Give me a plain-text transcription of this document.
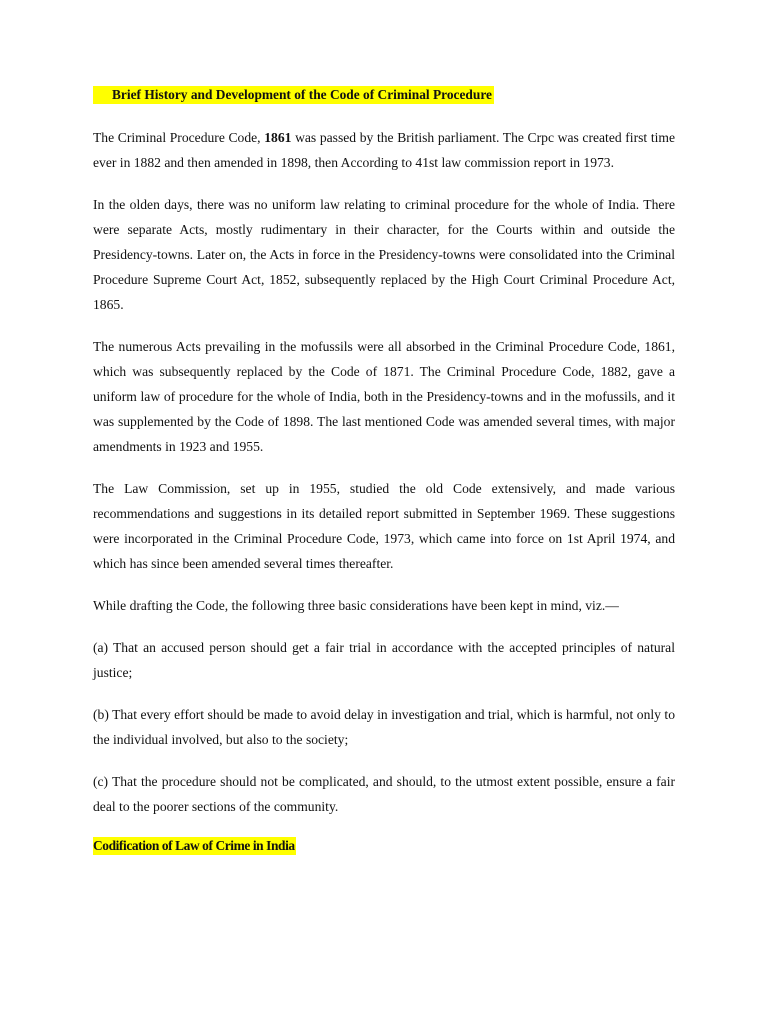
Brief History and Development of the Code of Criminal Procedure

The Criminal Procedure Code, 1861 was passed by the British parliament. The Crpc was created first time ever in 1882 and then amended in 1898, then According to 41st law commission report in 1973.

In the olden days, there was no uniform law relating to criminal procedure for the whole of India. There were separate Acts, mostly rudimentary in their character, for the Courts within and outside the Presidency-towns. Later on, the Acts in force in the Presidency-towns were consolidated into the Criminal Procedure Supreme Court Act, 1852, subsequently replaced by the High Court Criminal Procedure Act, 1865.

The numerous Acts prevailing in the mofussils were all absorbed in the Criminal Procedure Code, 1861, which was subsequently replaced by the Code of 1871. The Criminal Procedure Code, 1882, gave a uniform law of procedure for the whole of India, both in the Presidency-towns and in the mofussils, and it was supplemented by the Code of 1898. The last mentioned Code was amended several times, with major amendments in 1923 and 1955.

The Law Commission, set up in 1955, studied the old Code extensively, and made various recommendations and suggestions in its detailed report submitted in September 1969. These suggestions were incorporated in the Criminal Procedure Code, 1973, which came into force on 1st April 1974, and which has since been amended several times thereafter.

While drafting the Code, the following three basic considerations have been kept in mind, viz.—

(a) That an accused person should get a fair trial in accordance with the accepted principles of natural justice;

(b) That every effort should be made to avoid delay in investigation and trial, which is harmful, not only to the individual involved, but also to the society;

(c) That the procedure should not be complicated, and should, to the utmost extent possible, ensure a fair deal to the poorer sections of the community.

Codification of Law of Crime in India
